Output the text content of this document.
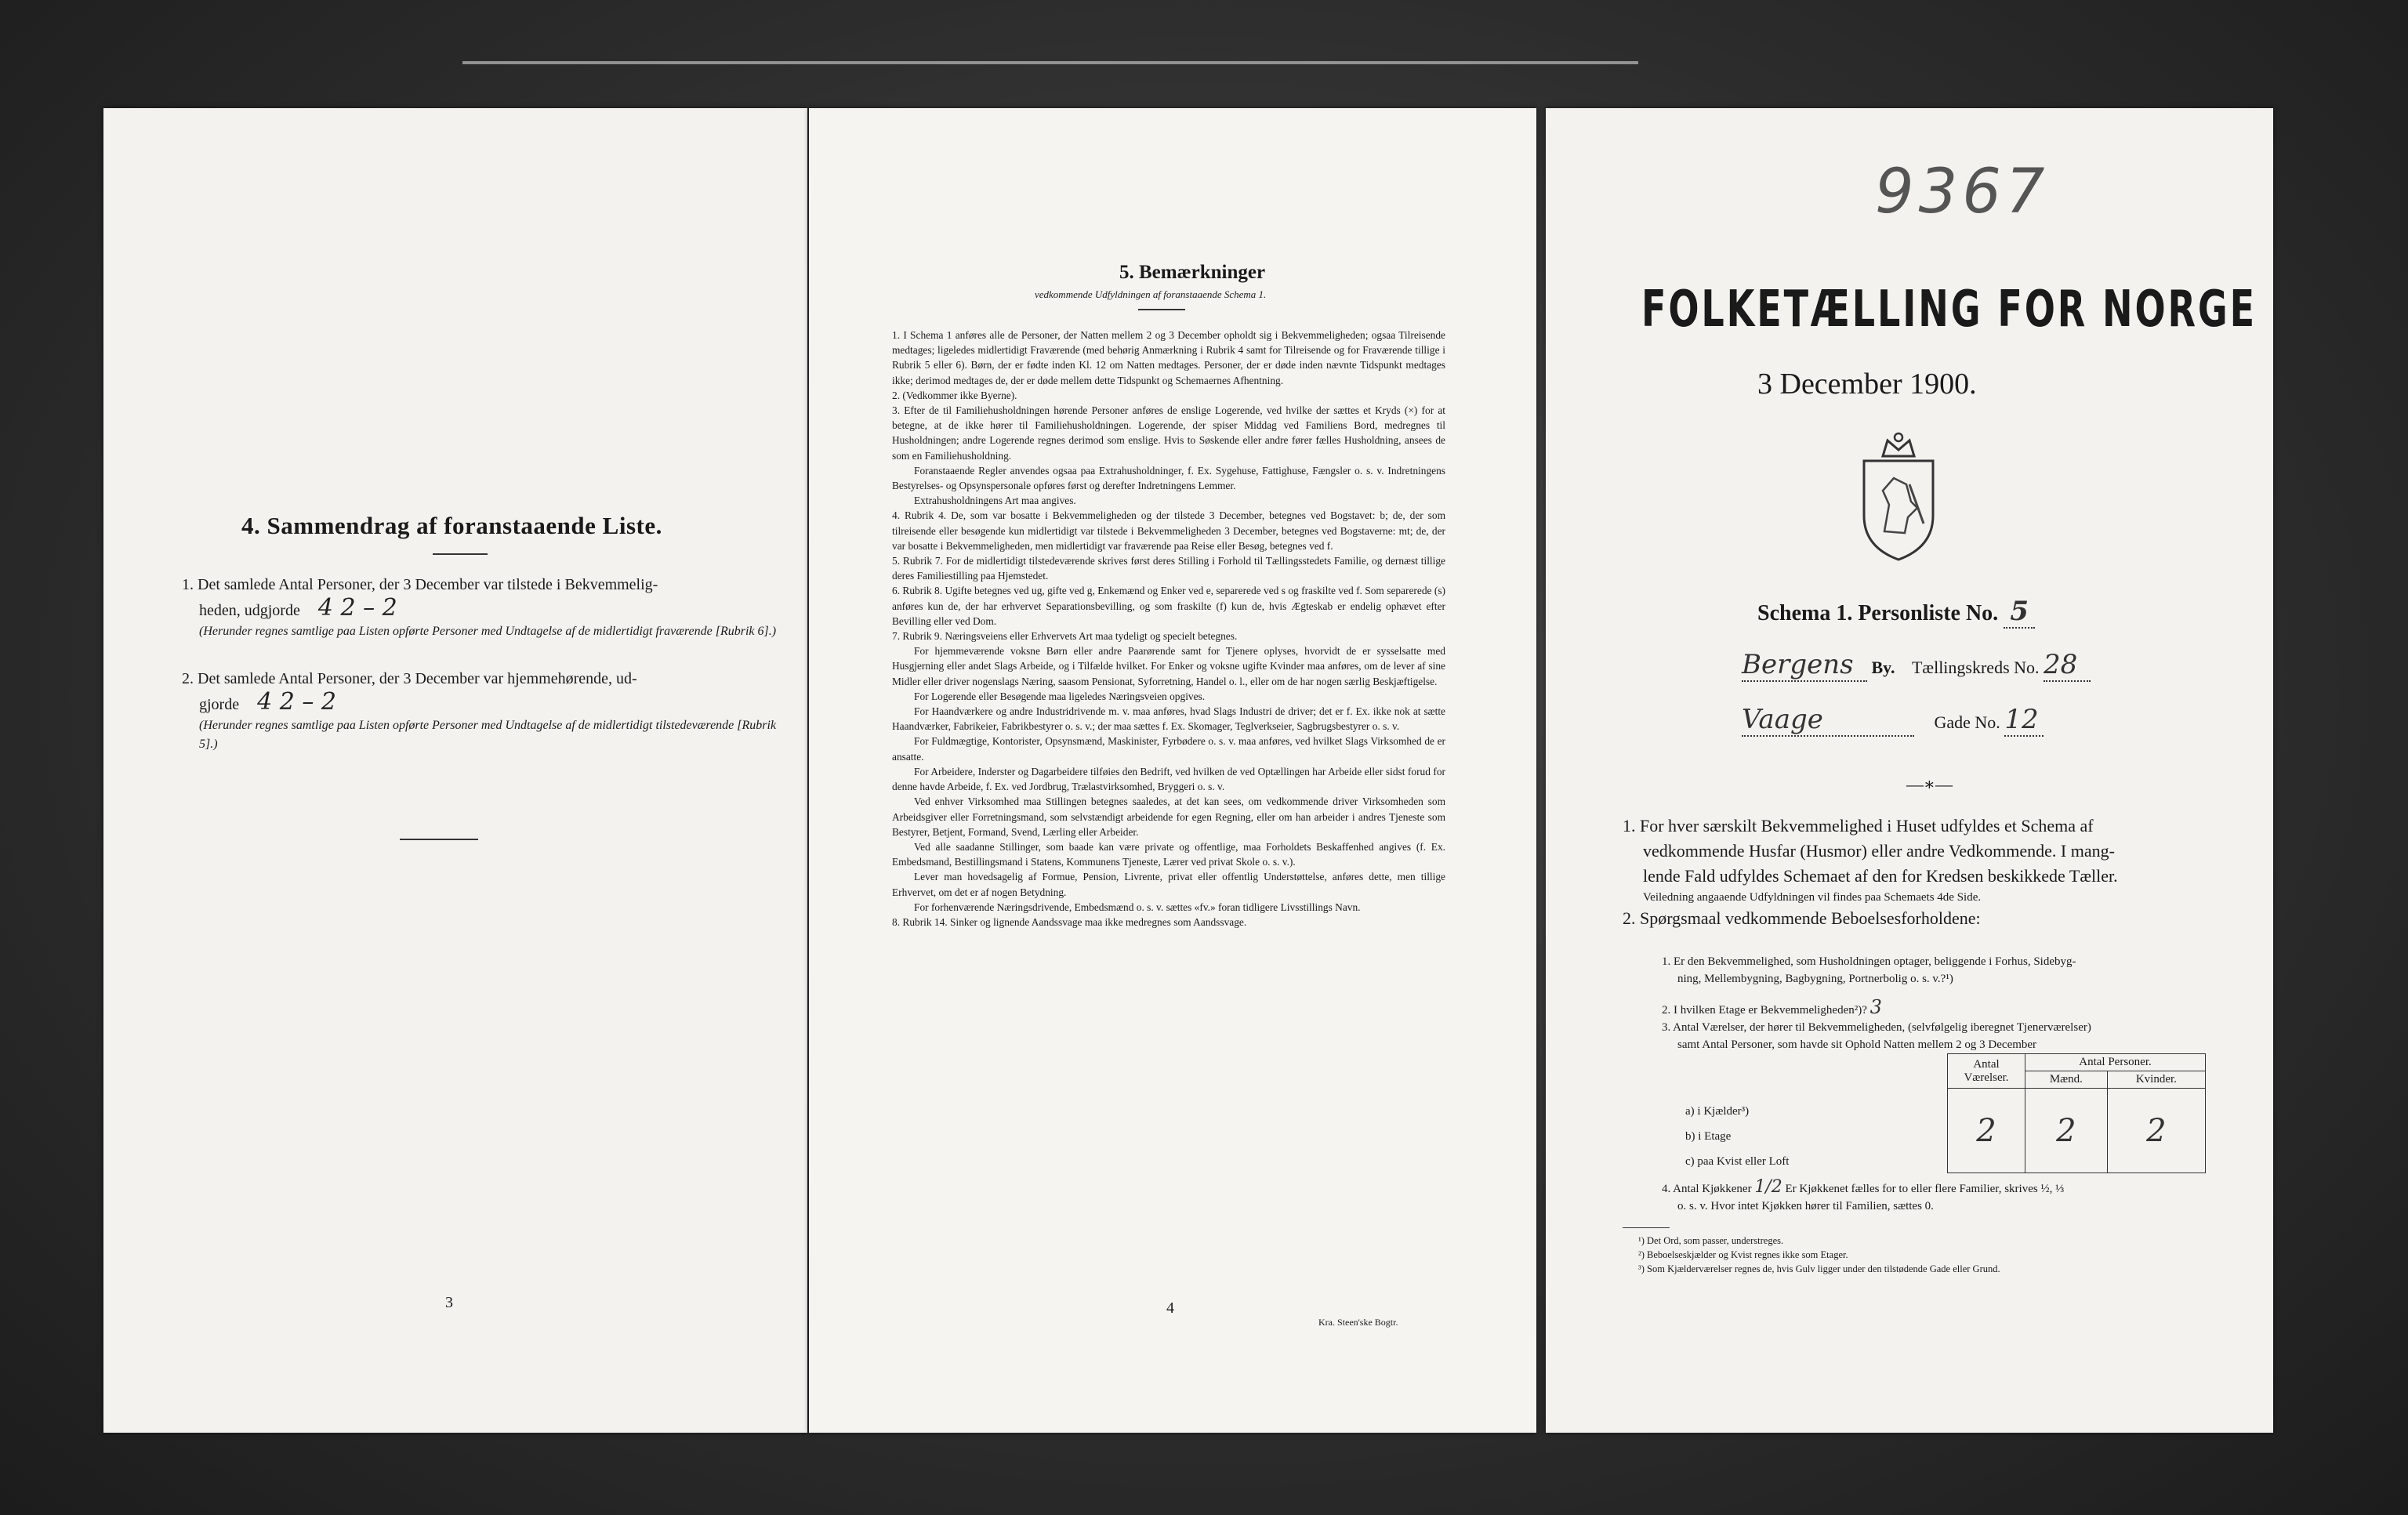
4. Sammendrag af foranstaaende Liste.
1. Det samlede Antal Personer, der 3 December var tilstede i Bekvemmelig-
heden, udgjorde 4 2 – 2
(Herunder regnes samtlige paa Listen opførte Personer med Undtagelse af de midlertidigt fraværende [Rubrik 6].)
2. Det samlede Antal Personer, der 3 December var hjemmehørende, ud-
gjorde 4 2 – 2
(Herunder regnes samtlige paa Listen opførte Personer med Undtagelse af de midlertidigt tilstedeværende [Rubrik 5].)
3
5. Bemærkninger
vedkommende Udfyldningen af foranstaaende Schema 1.

1. I Schema 1 anføres alle de Personer, der Natten mellem 2 og 3 December opholdt sig i Bekvemmeligheden; ogsaa Tilreisende medtages; ligeledes midlertidigt Fraværende (med behørig Anmærkning i Rubrik 4 samt for Tilreisende og for Fraværende tillige i Rubrik 5 eller 6). Børn, der er fødte inden Kl. 12 om Natten medtages. Personer, der er døde inden nævnte Tidspunkt medtages ikke; derimod medtages de, der er døde mellem dette Tidspunkt og Schemaernes Afhentning.

2. (Vedkommer ikke Byerne).

3. Efter de til Familiehusholdningen hørende Personer anføres de enslige Logerende, ved hvilke der sættes et Kryds (×) for at betegne, at de ikke hører til Familiehusholdningen. Logerende, der spiser Middag ved Familiens Bord, medregnes til Husholdningen; andre Logerende regnes derimod som enslige. Hvis to Søskende eller andre fører fælles Husholdning, ansees de som en Familiehusholdning.

Foranstaaende Regler anvendes ogsaa paa Extrahusholdninger, f. Ex. Sygehuse, Fattighuse, Fængsler o. s. v. Indretningens Bestyrelses- og Opsynspersonale opføres først og derefter Indretningens Lemmer.

Extrahusholdningens Art maa angives.

4. Rubrik 4. De, som var bosatte i Bekvemmeligheden og der tilstede 3 December, betegnes ved Bogstavet: b; de, der som tilreisende eller besøgende kun midlertidigt var tilstede i Bekvemmeligheden 3 December, betegnes ved Bogstaverne: mt; de, der var bosatte i Bekvemmeligheden, men midlertidigt var fraværende paa Reise eller Besøg, betegnes ved f.

5. Rubrik 7. For de midlertidigt tilstedeværende skrives først deres Stilling i Forhold til Tællingsstedets Familie, og dernæst tillige deres Familiestilling paa Hjemstedet.

6. Rubrik 8. Ugifte betegnes ved ug, gifte ved g, Enkemænd og Enker ved e, separerede ved s og fraskilte ved f. Som separerede (s) anføres kun de, der har erhvervet Separationsbevilling, og som fraskilte (f) kun de, hvis Ægteskab er endelig ophævet efter Bevilling eller ved Dom.

7. Rubrik 9. Næringsveiens eller Erhvervets Art maa tydeligt og specielt betegnes.

For hjemmeværende voksne Børn eller andre Paarørende samt for Tjenere oplyses, hvorvidt de er sysselsatte med Husgjerning eller andet Slags Arbeide, og i Tilfælde hvilket. For Enker og voksne ugifte Kvinder maa anføres, om de lever af sine Midler eller driver nogenslags Næring, saasom Pensionat, Syforretning, Handel o. l., eller om de har nogen særlig Beskjæftigelse.

For Logerende eller Besøgende maa ligeledes Næringsveien opgives.

For Haandværkere og andre Industridrivende m. v. maa anføres, hvad Slags Industri de driver; det er f. Ex. ikke nok at sætte Haandværker, Fabrikeier, Fabrikbestyrer o. s. v.; der maa sættes f. Ex. Skomager, Teglverkseier, Sagbrugsbestyrer o. s. v.

For Fuldmægtige, Kontorister, Opsynsmænd, Maskinister, Fyrbødere o. s. v. maa anføres, ved hvilket Slags Virksomhed de er ansatte.

For Arbeidere, Inderster og Dagarbeidere tilføies den Bedrift, ved hvilken de ved Optællingen har Arbeide eller sidst forud for denne havde Arbeide, f. Ex. ved Jordbrug, Trælastvirksomhed, Bryggeri o. s. v.

Ved enhver Virksomhed maa Stillingen betegnes saaledes, at det kan sees, om vedkommende driver Virksomheden som Arbeidsgiver eller Forretningsmand, som selvstændigt arbeidende for egen Regning, eller om han arbeider i andres Tjeneste som Bestyrer, Betjent, Formand, Svend, Lærling eller Arbeider.

Ved alle saadanne Stillinger, som baade kan være private og offentlige, maa Forholdets Beskaffenhed angives (f. Ex. Embedsmand, Bestillingsmand i Statens, Kommunens Tjeneste, Lærer ved privat Skole o. s. v.).

Lever man hovedsagelig af Formue, Pension, Livrente, privat eller offentlig Understøttelse, anføres dette, men tillige Erhvervet, om det er af nogen Betydning.

For forhenværende Næringsdrivende, Embedsmænd o. s. v. sættes «fv.» foran tidligere Livsstillings Navn.

8. Rubrik 14. Sinker og lignende Aandssvage maa ikke medregnes som Aandssvage.

4
Kra. Steen'ske Bogtr.
9367
FOLKETÆLLING FOR NORGE
3 December 1900.
Schema 1. Personliste No. 5
Bergens By. Tællingskreds No. 28
Vaage	Gade No. 12
—∗—
1. For hver særskilt Bekvemmelighed i Huset udfyldes et Schema af
vedkommende Husfar (Husmor) eller andre Vedkommende. I mang-
lende Fald udfyldes Schemaet af den for Kredsen beskikkede Tæller.
Veiledning angaaende Udfyldningen vil findes paa Schemaets 4de Side.
2. Spørgsmaal vedkommende Beboelsesforholdene:
1. Er den Bekvemmelighed, som Husholdningen optager, beliggende i Forhus, Sidebyg-
ning, Mellembygning, Bagbygning, Portnerbolig o. s. v.?¹)
2. I hvilken Etage er Bekvemmeligheden²)? 3
3. Antal Værelser, der hører til Bekvemmeligheden, (selvfølgelig iberegnet Tjenerværelser)
samt Antal Personer, som havde sit Ophold Natten mellem 2 og 3 December
Antal Værelser.	Antal Personer.	
	Mænd.	Kvinder.
2	2	2
a) i Kjælder³)
b) i Etage
c) paa Kvist eller Loft
4. Antal Kjøkkener 1/2 Er Kjøkkenet fælles for to eller flere Familier, skrives ½, ⅓
o. s. v. Hvor intet Kjøkken hører til Familien, sættes 0.
¹) Det Ord, som passer, understreges.
²) Beboelseskjælder og Kvist regnes ikke som Etager.
³) Som Kjælderværelser regnes de, hvis Gulv ligger under den tilstødende Gade eller Grund.
